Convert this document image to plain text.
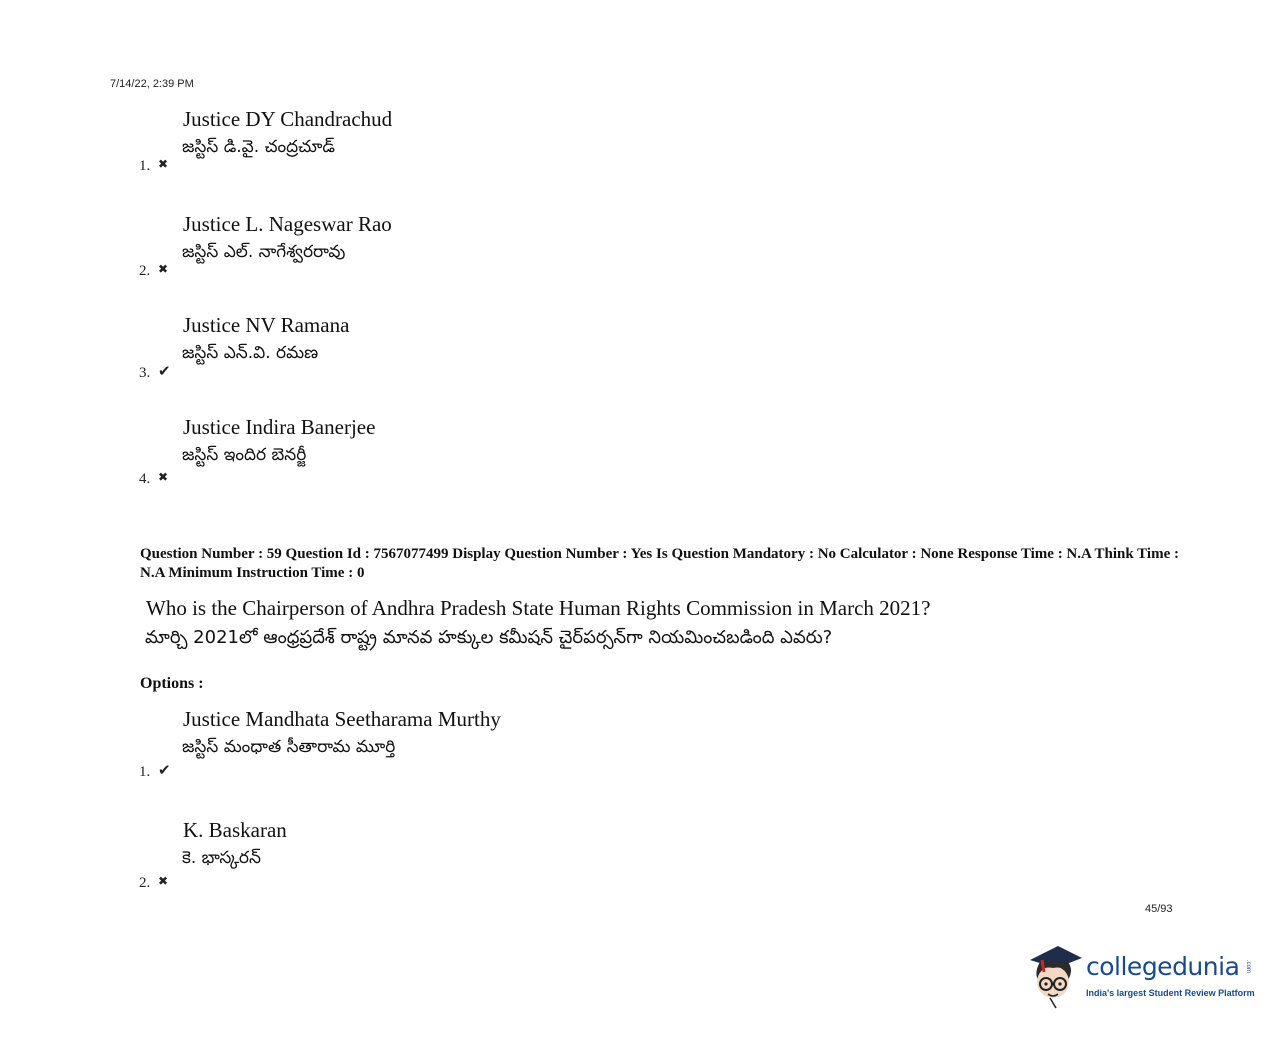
7/14/22, 2:39 PM
Justice DY Chandrachud
జస్టిస్ డి.వై. చంద్రచూడ్
1. ✖
Justice L. Nageswar Rao
జస్టిస్ ఎల్. నాగేశ్వరరావు
2. ✖
Justice NV Ramana
జస్టిస్ ఎన్.వి. రమణ
3. ✔
Justice Indira Banerjee
జస్టిస్ ఇందిర బెనర్జీ
4. ✖
Question Number : 59 Question Id : 7567077499 Display Question Number : Yes Is Question Mandatory : No Calculator : None Response Time : N.A Think Time : N.A Minimum Instruction Time : 0
Who is the Chairperson of Andhra Pradesh State Human Rights Commission in March 2021?
మార్చి 2021లో ఆంధ్రప్రదేశ్ రాష్ట్ర మానవ హక్కుల కమీషన్ చైర్‌పర్సన్‌గా నియమించబడింది ఎవరు?
Options :
Justice Mandhata Seetharama Murthy
జస్టిస్ మంధాత సీతారామ మూర్తి
1. ✔
K. Baskaran
కె. భాస్కరన్
2. ✖
45/93
collegedunia .com
India's largest Student Review Platform
